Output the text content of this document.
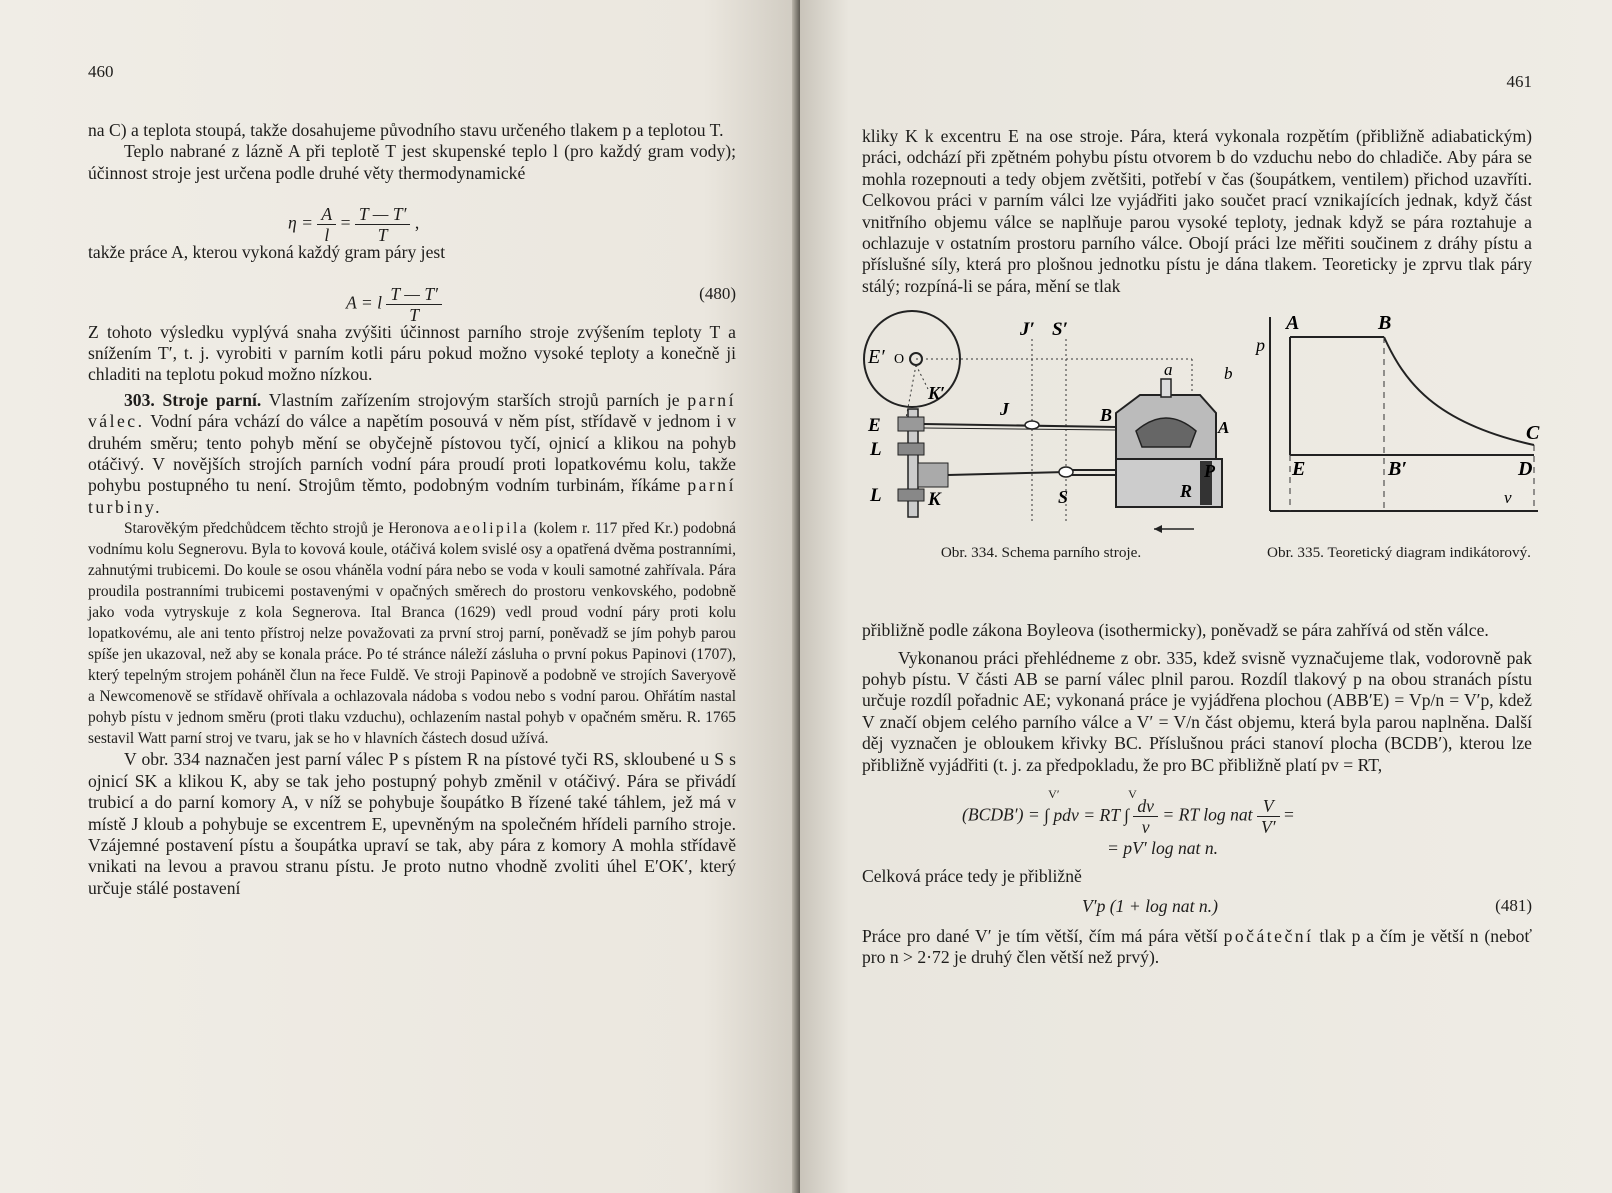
460

na C) a teplota stoupá, takže dosahujeme původního stavu určeného tlakem p a teplotou T.

Teplo nabrané z lázně A při teplotě T jest skupenské teplo l (pro každý gram vody); účinnost stroje jest určena podle druhé věty thermodynamické

$\eta = \frac{A}{l} = \frac{T — T'}{T}$ ,

takže práce A, kterou vykoná každý gram páry jest

A = l $\frac{T — T'}{T}$	(480)

Z tohoto výsledku vyplývá snaha zvýšiti účinnost parního stroje zvýšením teploty T a snížením T′, t. j. vyrobiti v parním kotli páru pokud možno vysoké teploty a konečně ji chladiti na teplotu pokud možno nízkou.

303. Stroje parní. Vlastním zařízením strojovým starších strojů parních je parní válec. Vodní pára vchází do válce a napětím posouvá v něm píst, střídavě v jednom i v druhém směru; tento pohyb mění se obyčejně pístovou tyčí, ojnicí a klikou na pohyb otáčivý. V novějších strojích parních vodní pára proudí proti lopatkovému kolu, takže pohybu postupného tu není. Strojům těmto, podobným vodním turbinám, říkáme parní turbiny.

Starověkým předchůdcem těchto strojů je Heronova aeolipila (kolem r. 117 před Kr.) podobná vodnímu kolu Segnerovu. Byla to kovová koule, otáčivá kolem svislé osy a opatřená dvěma postranními, zahnutými trubicemi. Do koule se osou vháněla vodní pára nebo se voda v kouli samotné zahřívala. Pára proudila postranními trubicemi postavenými v opačných směrech do prostoru venkovského, podobně jako voda vytryskuje z kola Segnerova. Ital Branca (1629) vedl proud vodní páry proti kolu lopatkovému, ale ani tento přístroj nelze považovati za první stroj parní, poněvadž se jím pohyb parou spíše jen ukazoval, než aby se konala práce. Po té stránce náleží zásluha o první pokus Papinovi (1707), který tepelným strojem poháněl člun na řece Fuldě. Ve stroji Papinově a podobně ve strojích Saveryově a Newcomenově se střídavě ohřívala a ochlazovala nádoba s vodou nebo s vodní parou. Ohřátím nastal pohyb pístu v jednom směru (proti tlaku vzduchu), ochlazením nastal pohyb v opačném směru. R. 1765 sestavil Watt parní stroj ve tvaru, jak se ho v hlavních částech dosud užívá.

V obr. 334 naznačen jest parní válec P s pístem R na pístové tyči RS, skloubené u S s ojnicí SK a klikou K, aby se tak jeho postupný pohyb změnil v otáčivý. Pára se přivádí trubicí a do parní komory A, v níž se pohybuje šoupátko B řízené také táhlem, jež má v místě J kloub a pohybuje se excentrem E, upevněným na společném hřídeli parního stroje. Vzájemné postavení pístu a šoupátka upraví se tak, aby pára z komory A mohla střídavě vnikati na levou a pravou stranu pístu. Je proto nutno vhodně zvoliti úhel E′OK′, který určuje stálé postavení

461

kliky K k excentru E na ose stroje. Pára, která vykonala rozpětím (přibližně adiabatickým) práci, odchází při zpětném pohybu pístu otvorem b do vzduchu nebo do chladiče. Aby pára se mohla rozepnouti a tedy objem zvětšiti, potřebí v čas (šoupátkem, ventilem) přichod uzavříti. Celkovou práci v parním válci lze vyjádřiti jako součet prací vznikajících jednak, když část vnitřního objemu válce se naplňuje parou vysoké teploty, jednak když se pára roztahuje a ochlazuje v ostatním prostoru parního válce. Obojí práci lze měřiti součinem z dráhy pístu a příslušné síly, která pro plošnou jednotku pístu je dána tlakem. Teoreticky je zprvu tlak páry stálý; rozpíná-li se pára, mění se tlak

E′ O
J′ S′
a	b
K′
J
E	B
A
L
P
L K	S	R
A	B
p
C
E	B′	D
v
Obr. 334. Schema parního stroje.	Obr. 335. Teoretický diagram indikátorový.

přibližně podle zákona Boyleova (isothermicky), poněvadž se pára zahřívá od stěn válce.

Vykonanou práci přehlédneme z obr. 335, kdež svisně vyznačujeme tlak, vodorovně pak pohyb pístu. V části AB se parní válec plnil parou. Rozdíl tlakový p na obou stranách pístu určuje rozdíl pořadnic AE; vykonaná práce je vyjádřena plochou (ABB′E) = Vp/n = V′p, kdež V značí objem celého parního válce a V′ = V/n část objemu, která byla parou naplněna. Další děj vyznačen je obloukem křivky BC. Příslušnou práci stanoví plocha (BCDB′), kterou lze přibližně vyjádřiti (t. j. za předpokladu, že pro BC přibližně platí pv = RT,

(BCDB′) =
V′
∫ pdv = RT
V
∫ $\frac{dv}{v}$ = RT log nat $\frac{V}{V'}$ =
= pV′ log nat n.

Celková práce tedy je přibližně

V′p (1 + log nat n.)	(481)

Práce pro dané V′ je tím větší, čím má pára větší počáteční tlak p a čím je větší n (neboť pro n > 2·72 je druhý člen větší než prvý).
